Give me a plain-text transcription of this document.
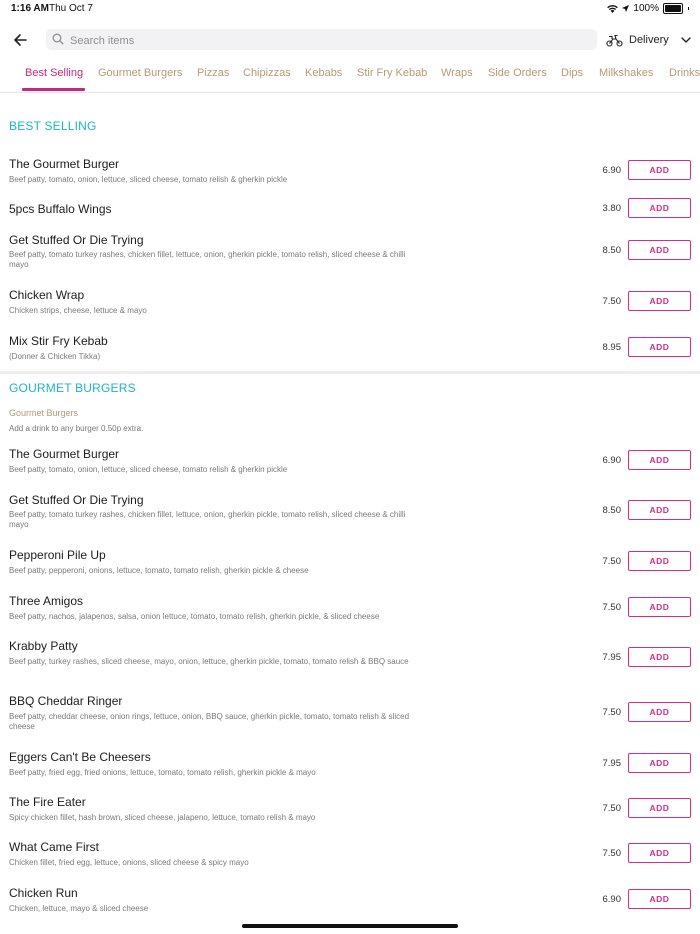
1:16 AM Thu Oct 7	100%
Search items
Delivery
Best Selling Gourmet Burgers Pizzas Chipizzas Kebabs Stir Fry Kebab Wraps Side Orders Dips Milkshakes Drinks
BEST SELLING
The Gourmet Burger
Beef patty, tomato, onion, lettuce, sliced cheese, tomato relish & gherkin pickle
6.90	ADD
5pcs Buffalo Wings	3.80	ADD
Get Stuffed Or Die Trying
Beef patty, tomato turkey rashes, chicken fillet, lettuce, onion, gherkin pickle, tomato relish, sliced cheese & chilli mayo
8.50	ADD
Chicken Wrap
Chicken strips, cheese, lettuce & mayo
7.50	ADD
Mix Stir Fry Kebab
(Donner & Chicken Tikka)
8.95	ADD
GOURMET BURGERS
Gourmet Burgers
Add a drink to any burger 0.50p extra.
The Gourmet Burger
Beef patty, tomato, onion, lettuce, sliced cheese, tomato relish & gherkin pickle
6.90	ADD
Get Stuffed Or Die Trying
Beef patty, tomato turkey rashes, chicken fillet, lettuce, onion, gherkin pickle, tomato relish, sliced cheese & chilli mayo
8.50	ADD
Pepperoni Pile Up
Beef patty, pepperoni, onions, lettuce, tomato, tomato relish, gherkin pickle & cheese
7.50	ADD
Three Amigos
Beef patty, nachos, jalapenos, salsa, onion lettuce, tomato, tomato relish, gherkin pickle, & sliced cheese
7.50	ADD
Krabby Patty
Beef patty, turkey rashes, sliced cheese, mayo, onion, lettuce, gherkin pickle, tomato, tomato relish & BBQ sauce	7.95	ADD
BBQ Cheddar Ringer
Beef patty, cheddar cheese, onion rings, lettuce, onion, BBQ sauce, gherkin pickle, tomato, tomato relish & sliced cheese
7.50	ADD
Eggers Can't Be Cheesers
Beef patty, fried egg, fried onions, lettuce, tomato, tomato relish, gherkin pickle & mayo
7.95	ADD
The Fire Eater
Spicy chicken fillet, hash brown, sliced cheese, jalapeno, lettuce, tomato relish & mayo
7.50	ADD
What Came First
Chicken fillet, fried egg, lettuce, onions, sliced cheese & spicy mayo
7.50	ADD
Chicken Run
Chicken, lettuce, mayo & sliced cheese
6.90	ADD
